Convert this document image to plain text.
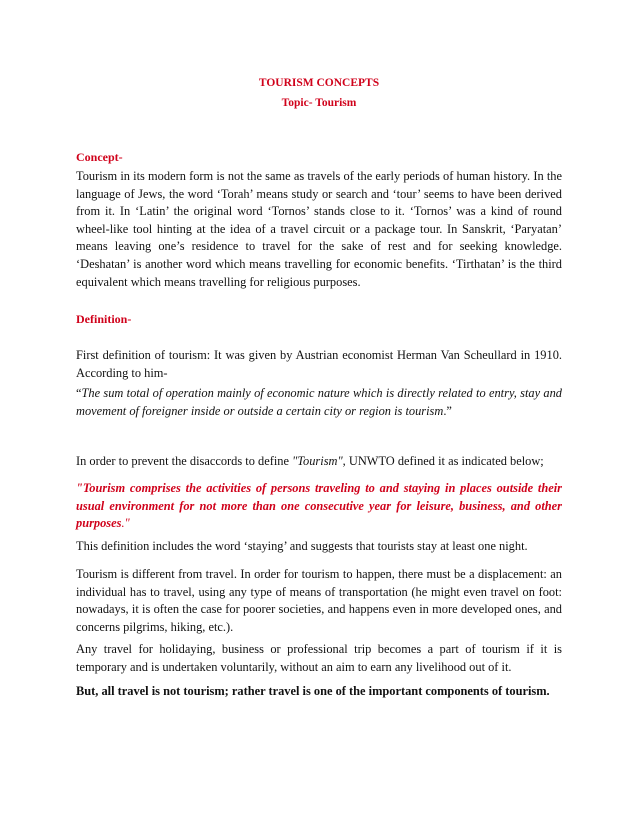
TOURISM CONCEPTS
Topic- Tourism
Concept-

Tourism in its modern form is not the same as travels of the early periods of human history. In the language of Jews, the word ‘Torah’ means study or search and ‘tour’ seems to have been derived from it. In ‘Latin’ the original word ‘Tornos’ stands close to it. ‘Tornos’ was a kind of round wheel-like tool hinting at the idea of a travel circuit or a package tour. In Sanskrit, ‘Paryatan’ means leaving one’s residence to travel for the sake of rest and for seeking knowledge. ‘Deshatan’ is another word which means travelling for economic benefits. ‘Tirthatan’ is the third equivalent which means travelling for religious purposes.

Definition-

First definition of tourism: It was given by Austrian economist Herman Van Scheullard in 1910. According to him-

“The sum total of operation mainly of economic nature which is directly related to entry, stay and movement of foreigner inside or outside a certain city or region is tourism.”

In order to prevent the disaccords to define "Tourism", UNWTO defined it as indicated below;

"Tourism comprises the activities of persons traveling to and staying in places outside their usual environment for not more than one consecutive year for leisure, business, and other purposes."

This definition includes the word ‘staying’ and suggests that tourists stay at least one night.

Tourism is different from travel. In order for tourism to happen, there must be a displacement: an individual has to travel, using any type of means of transportation (he might even travel on foot: nowadays, it is often the case for poorer societies, and happens even in more developed ones, and concerns pilgrims, hiking, etc.).

Any travel for holidaying, business or professional trip becomes a part of tourism if it is temporary and is undertaken voluntarily, without an aim to earn any livelihood out of it.

But, all travel is not tourism; rather travel is one of the important components of tourism.
